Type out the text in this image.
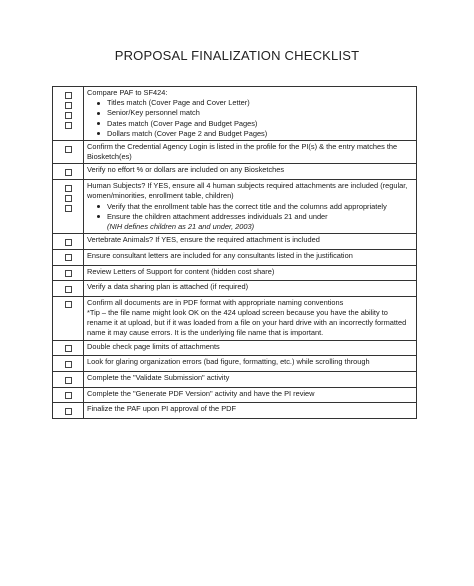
PROPOSAL FINALIZATION CHECKLIST

	Compare PAF to SF424:
Titles match (Cover Page and Cover Letter)
Senior/Key personnel match
Dates match (Cover Page and Budget Pages)
Dollars match (Cover Page 2 and Budget Pages)

	Confirm the Credential Agency Login is listed in the profile for the PI(s) & the entry matches the Biosketch(es)

	Verify no effort % or dollars are included on any Biosketches

	Human Subjects? If YES, ensure all 4 human subjects required attachments are included (regular, women/minorities, enrollment table, children)
Verify that the enrollment table has the correct title and the columns add appropriately
Ensure the children attachment addresses individuals 21 and under
(NIH defines children as 21 and under, 2003)

	Vertebrate Animals? If YES, ensure the required attachment is included

	Ensure consultant letters are included for any consultants listed in the justification

	Review Letters of Support for content (hidden cost share)

	Verify a data sharing plan is attached (if required)

	Confirm all documents are in PDF format with appropriate naming conventions
*Tip – the file name might look OK on the 424 upload screen because you have the ability to rename it at upload, but if it was loaded from a file on your hard drive with an incorrectly formatted name it may cause errors. It is the underlying file name that is important.

	Double check page limits of attachments

	Look for glaring organization errors (bad figure, formatting, etc.) while scrolling through

	Complete the "Validate Submission" activity

	Complete the "Generate PDF Version" activity and have the PI review

	Finalize the PAF upon PI approval of the PDF
